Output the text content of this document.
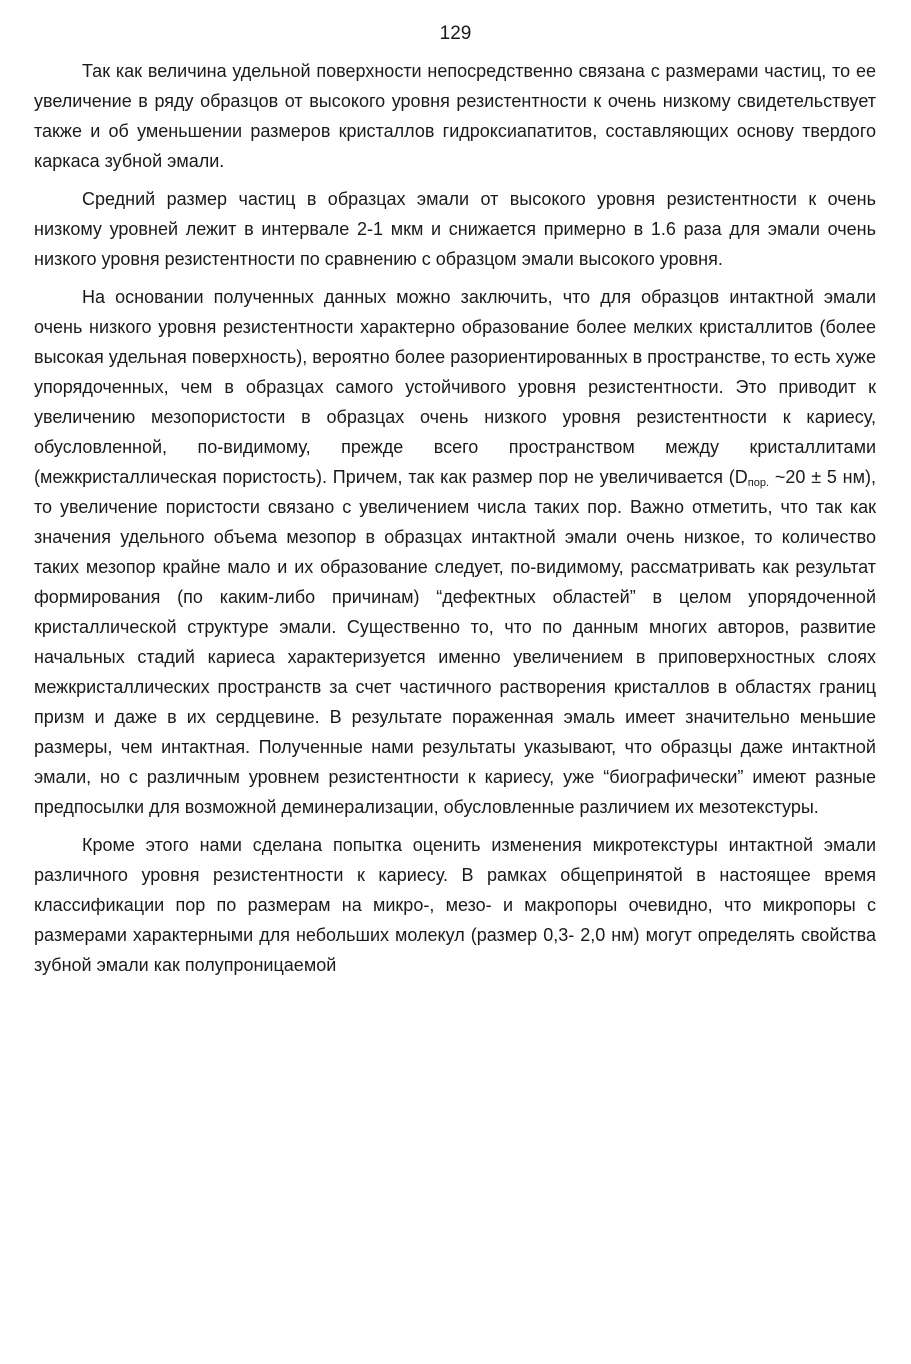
129

Так как величина удельной поверхности непосредственно связана с размерами частиц, то ее увеличение в ряду образцов от высокого уровня резистентности к очень низкому свидетельствует также и об уменьшении размеров кристаллов гидроксиапатитов, составляющих основу твердого каркаса зубной эмали.

Средний размер частиц в образцах эмали от высокого уровня резистентности к очень низкому уровней лежит в интервале 2-1 мкм и снижается примерно в 1.6 раза для эмали очень низкого уровня резистентности по сравнению с образцом эмали высокого уровня.

На основании полученных данных можно заключить, что для образцов интактной эмали очень низкого уровня резистентности характерно образование более мелких кристаллитов (более высокая удельная поверхность), вероятно более разориентированных в пространстве, то есть хуже упорядоченных, чем в образцах самого устойчивого уровня резистентности. Это приводит к увеличению мезопористости в образцах очень низкого уровня резистентности к кариесу, обусловленной, по-видимому, прежде всего пространством между кристаллитами (межкристаллическая пористость). Причем, так как размер пор не увеличивается ($D_{пор.}$ ~20 ± 5 нм), то увеличение пористости связано с увеличением числа таких пор. Важно отметить, что так как значения удельного объема мезопор в образцах интактной эмали очень низкое, то количество таких мезопор крайне мало и их образование следует, по-видимому, рассматривать как результат формирования (по каким-либо причинам) “дефектных областей” в целом упорядоченной кристаллической структуре эмали. Существенно то, что по данным многих авторов, развитие начальных стадий кариеса характеризуется именно увеличением в приповерхностных слоях межкристаллических пространств за счет частичного растворения кристаллов в областях границ призм и даже в их сердцевине. В результате пораженная эмаль имеет значительно меньшие размеры, чем интактная. Полученные нами результаты указывают, что образцы даже интактной эмали, но с различным уровнем резистентности к кариесу, уже “биографически” имеют разные предпосылки для возможной деминерализации, обусловленные различием их мезотекстуры.

Кроме этого нами сделана попытка оценить изменения микротекстуры интактной эмали различного уровня резистентности к кариесу. В рамках общепринятой в настоящее время классификации пор по размерам на микро-, мезо- и макропоры очевидно, что микропоры с размерами характерными для небольших молекул (размер 0,3- 2,0 нм) могут определять свойства зубной эмали как полупроницаемой
